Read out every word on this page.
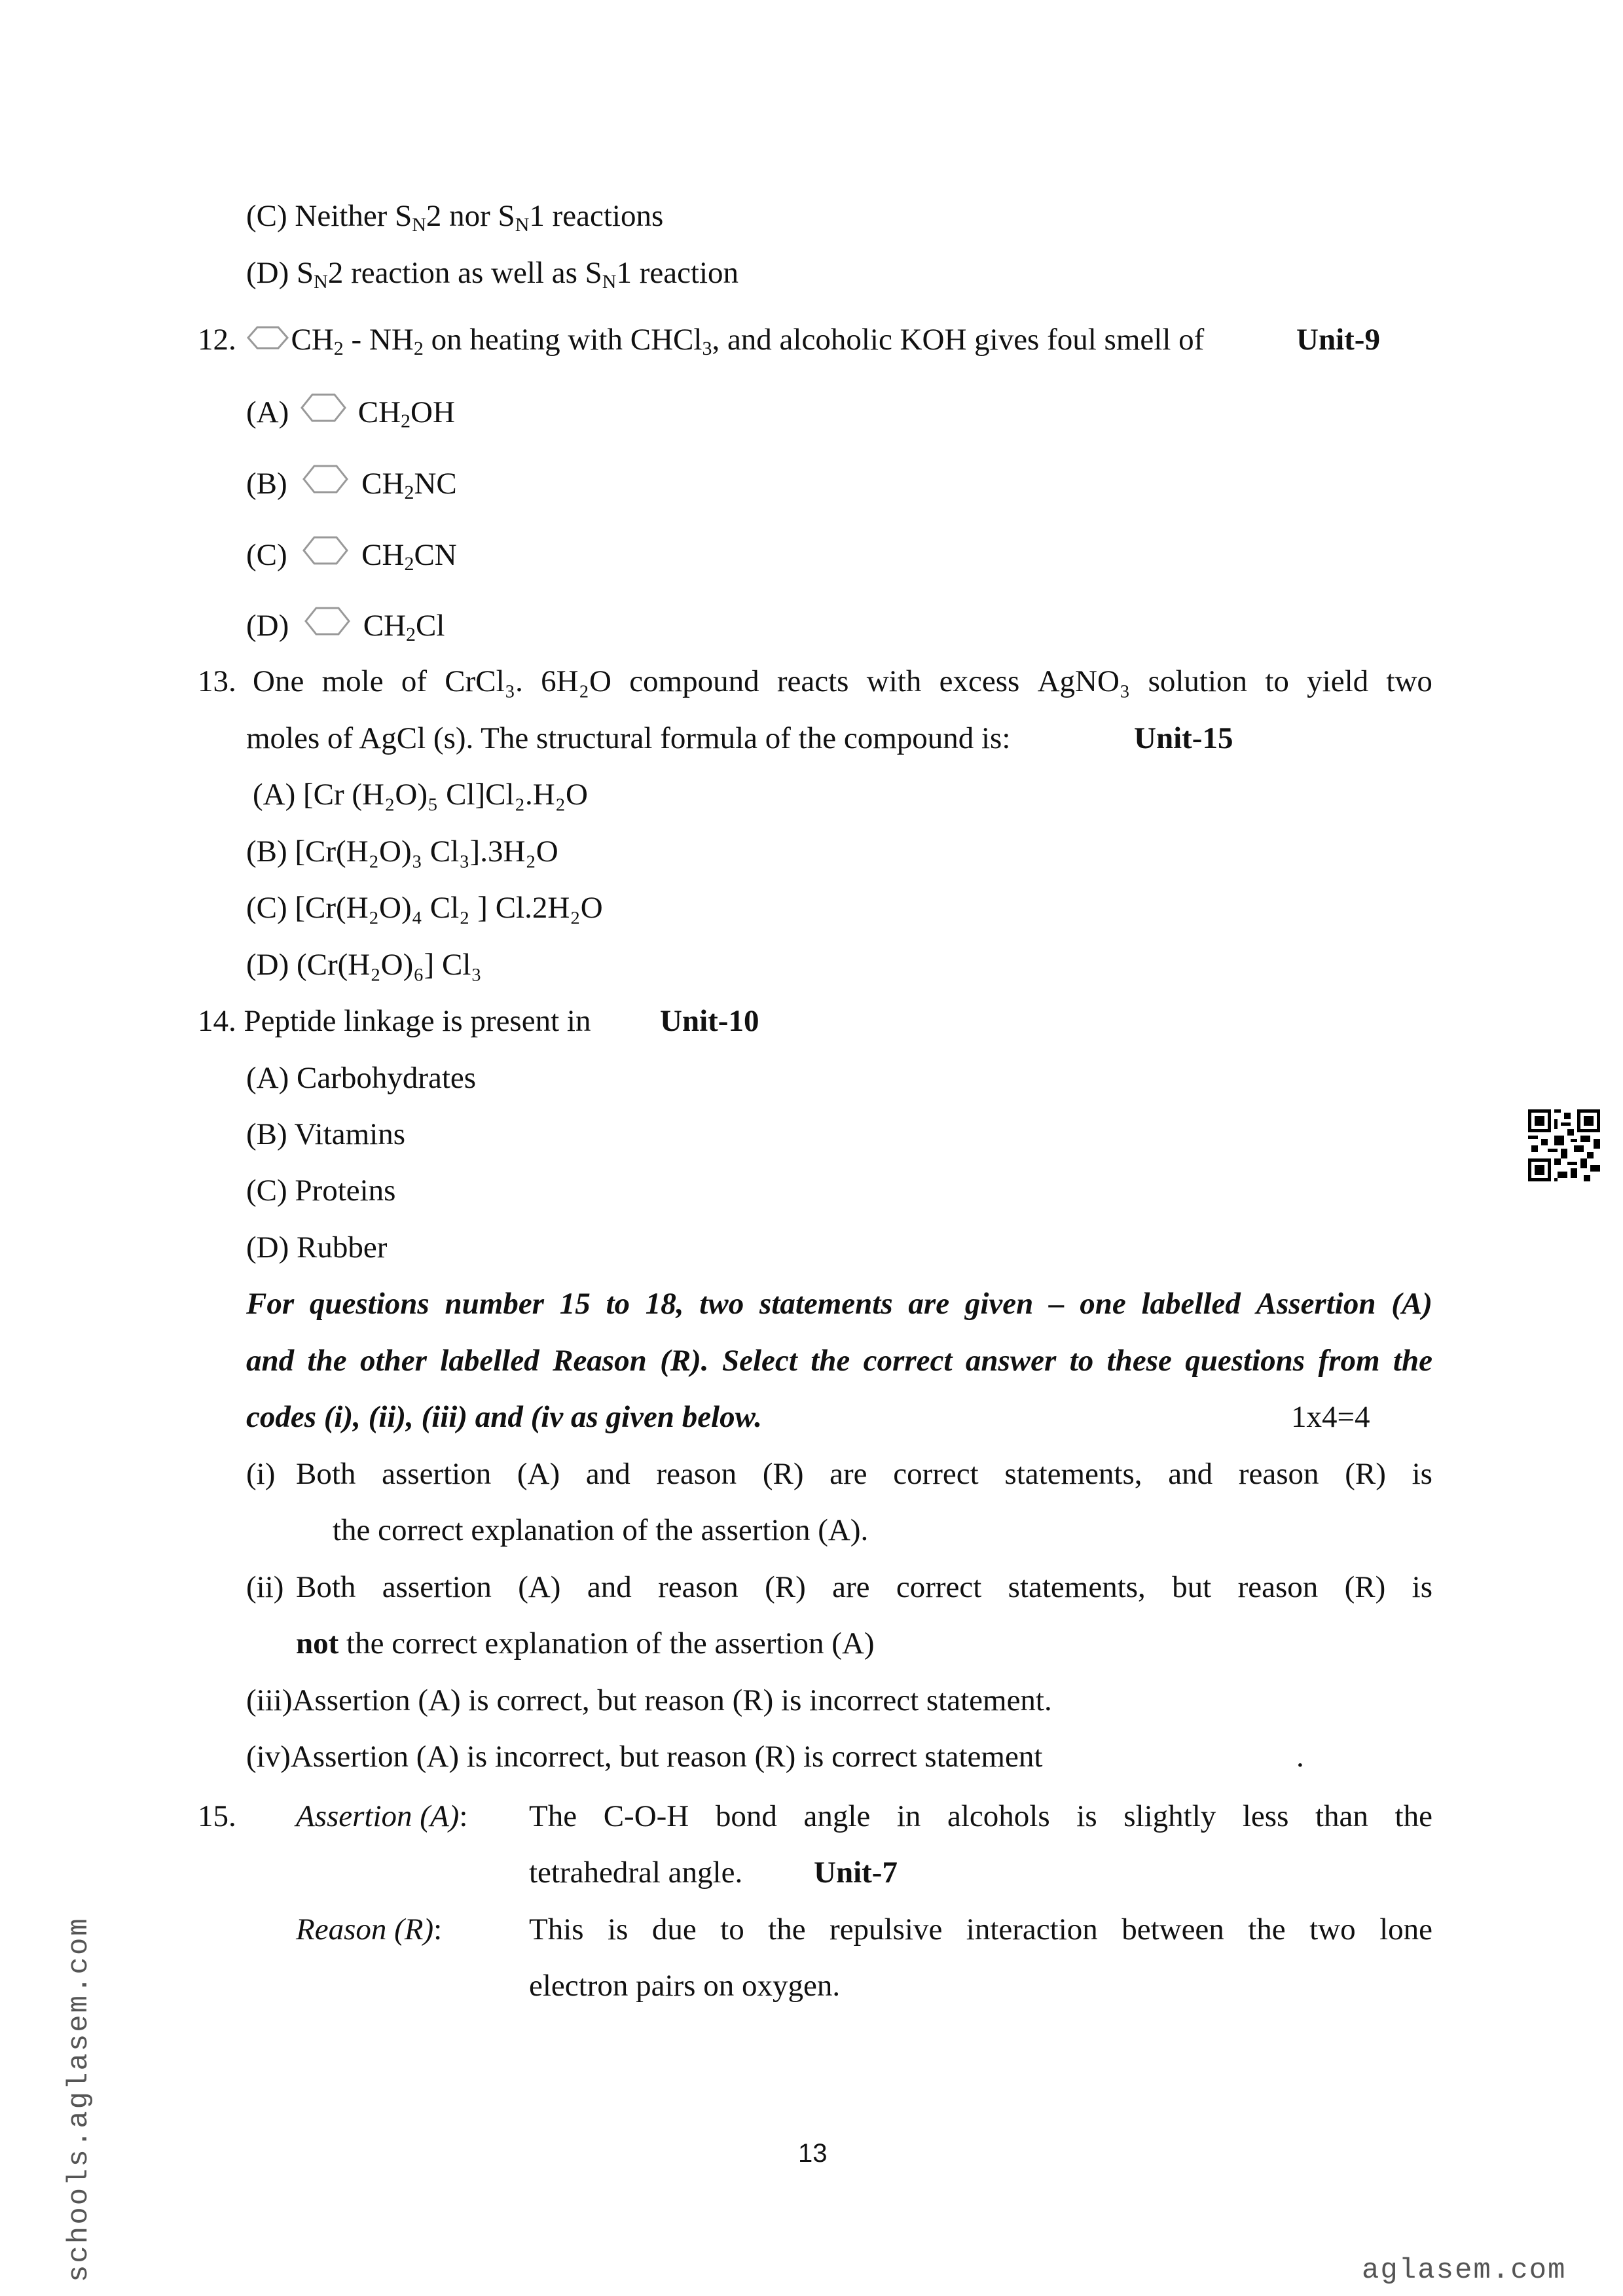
(C) Neither $S_N2$ nor $S_N1$ reactions
(D) $S_N2$ reaction as well as $S_N1$ reaction
12. $CH_2 - NH_2$ on heating with CHCl$_3$, and alcoholic KOH gives foul smell of	Unit-9
(A) $CH_2OH$
(B) $CH_2NC$
(C) $CH_2CN$
(D) $CH_2Cl$
13. One mole of CrCl₃. 6H₂O compound reacts with excess AgNO₃ solution to yield two
moles of AgCl (s). The structural formula of the compound is:	Unit-15
(A) [Cr (H₂O)₅ Cl]Cl₂.H₂O
(B) [Cr(H₂O)₃ Cl₃].3H₂O
(C) [Cr(H₂O)₄ Cl₂ ] Cl.2H₂O
(D) (Cr(H₂O)₆] Cl₃
14. Peptide linkage is present in Unit-10
(A) Carbohydrates
(B) Vitamins
(C) Proteins
(D) Rubber
For questions number 15 to 18, two statements are given – one labelled Assertion (A)
and the other labelled Reason (R). Select the correct answer to these questions from the
codes (i), (ii), (iii) and (iv as given below.	1x4=4
(i) Both assertion (A) and reason (R) are correct statements, and reason (R) is
the correct explanation of the assertion (A).
(ii) Both assertion (A) and reason (R) are correct statements, but reason (R) is
not the correct explanation of the assertion (A)
(iii)Assertion (A) is correct, but reason (R) is incorrect statement.
(iv)Assertion (A) is incorrect, but reason (R) is correct statement	.
15. Assertion (A): The C-O-H bond angle in alcohols is slightly less than the
tetrahedral angle. Unit-7
Reason (R):	This is due to the repulsive interaction between the two lone
electron pairs on oxygen.
13
aglasem.com
schools.aglasem.com
